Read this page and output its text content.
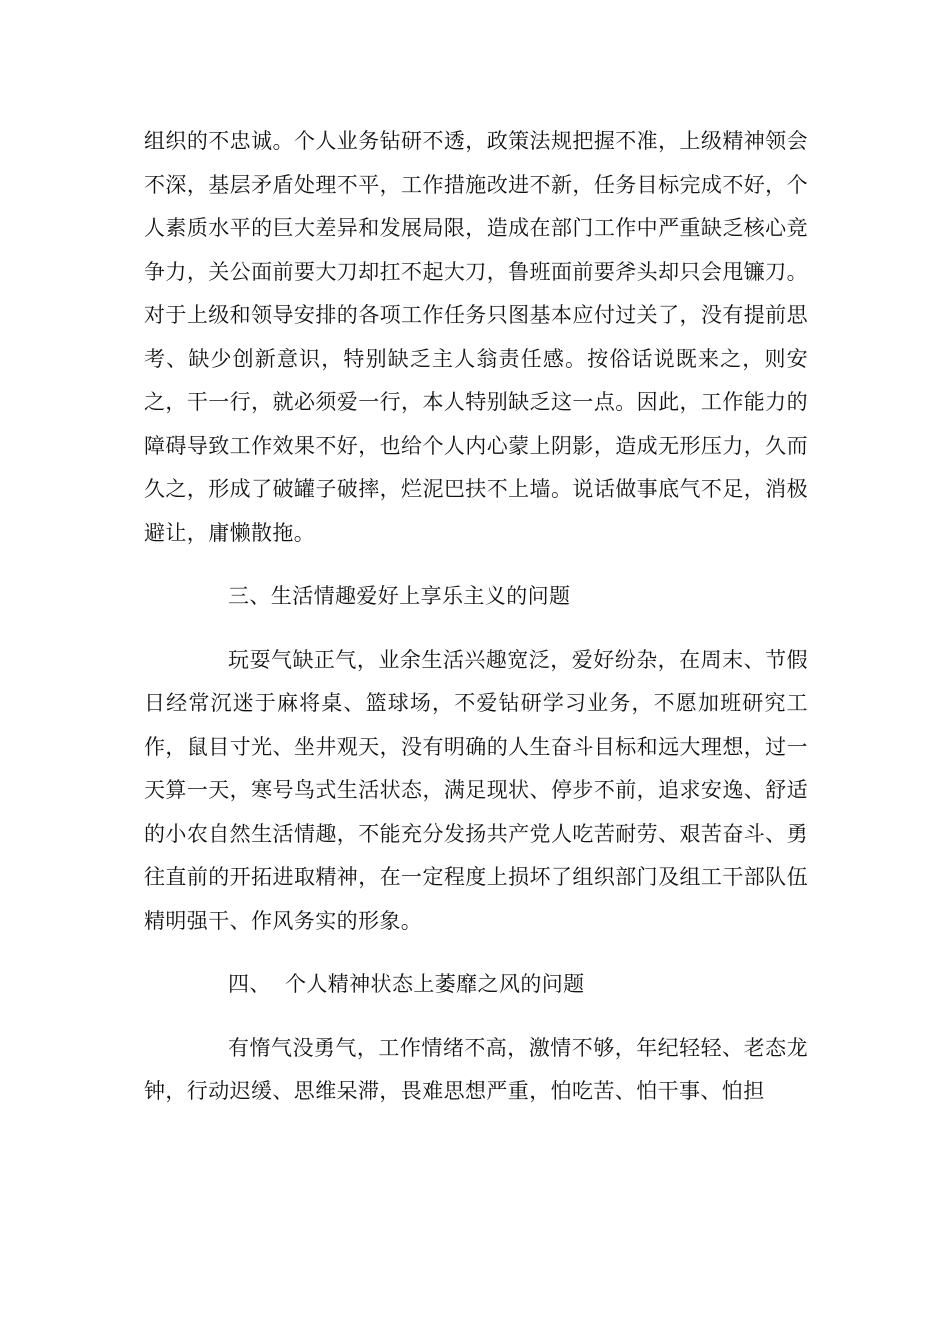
组织的不忠诚。个人业务钻研不透，政策法规把握不准，上级精神领会不深，基层矛盾处理不平，工作措施改进不新，任务目标完成不好，个人素质水平的巨大差异和发展局限，造成在部门工作中严重缺乏核心竞争力，关公面前要大刀却扛不起大刀，鲁班面前要斧头却只会甩镰刀。对于上级和领导安排的各项工作任务只图基本应付过关了，没有提前思考、缺少创新意识，特别缺乏主人翁责任感。按俗话说既来之，则安之，干一行，就必须爱一行，本人特别缺乏这一点。因此，工作能力的障碍导致工作效果不好，也给个人内心蒙上阴影，造成无形压力，久而久之，形成了破罐子破摔，烂泥巴扶不上墙。说话做事底气不足，消极避让，庸懒散拖。

三、生活情趣爱好上享乐主义的问题

玩耍气缺正气，业余生活兴趣宽泛，爱好纷杂，在周末、节假日经常沉迷于麻将桌、篮球场，不爱钻研学习业务，不愿加班研究工作，鼠目寸光、坐井观天，没有明确的人生奋斗目标和远大理想，过一天算一天，寒号鸟式生活状态，满足现状、停步不前，追求安逸、舒适的小农自然生活情趣，不能充分发扬共产党人吃苦耐劳、艰苦奋斗、勇往直前的开拓进取精神，在一定程度上损坏了组织部门及组工干部队伍精明强干、作风务实的形象。

四、  个人精神状态上萎靡之风的问题

有惰气没勇气，工作情绪不高，激情不够，年纪轻轻、老态龙钟，行动迟缓、思维呆滞，畏难思想严重，怕吃苦、怕干事、怕担
